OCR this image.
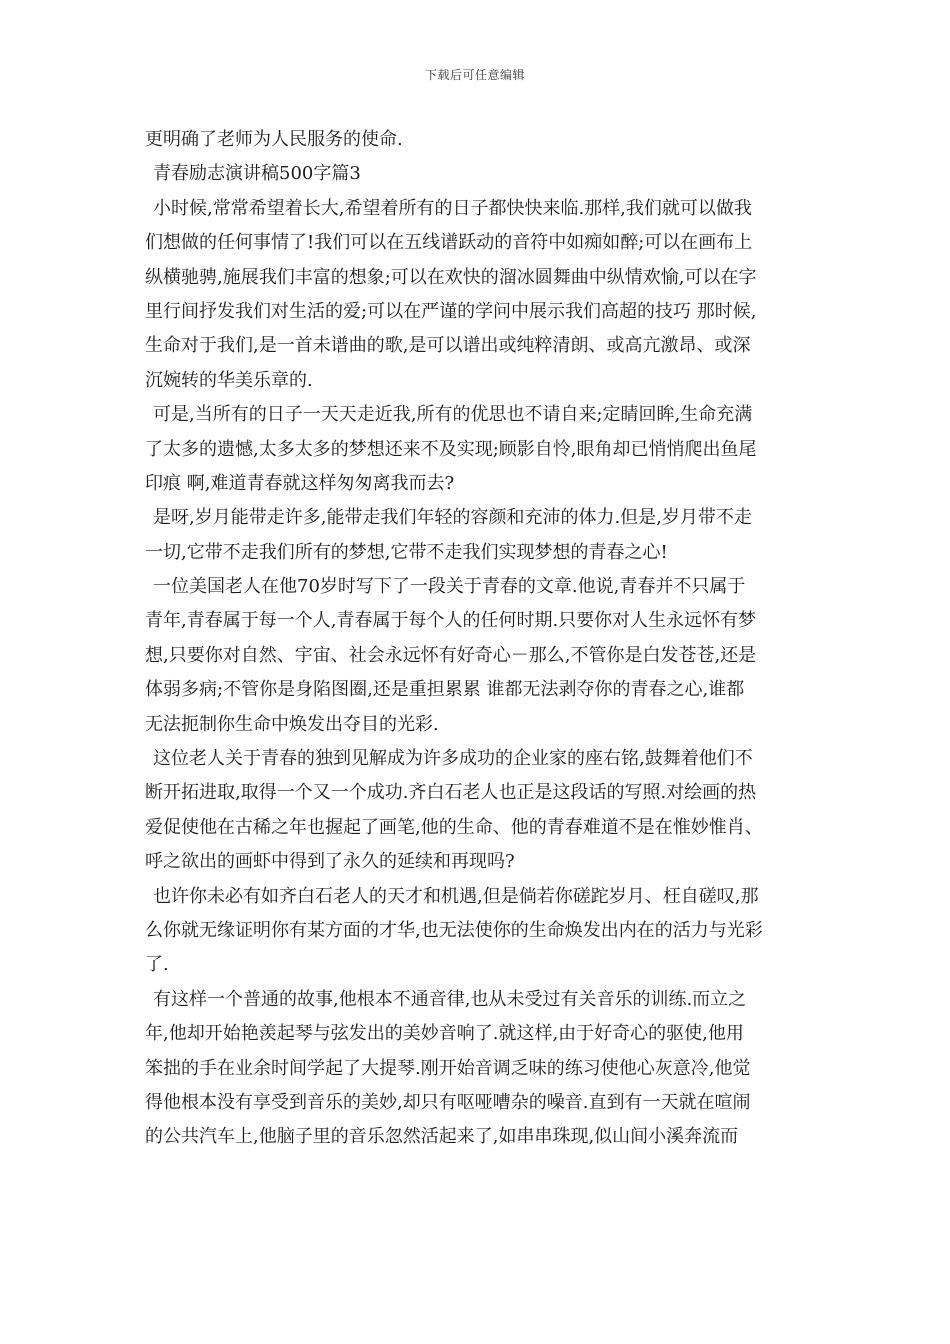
下载后可任意编辑
更明确了老师为人民服务的使命.
青春励志演讲稿500字篇3
小时候,常常希望着长大,希望着所有的日子都快快来临.那样,我们就可以做我
们想做的任何事情了!我们可以在五线谱跃动的音符中如痴如醉;可以在画布上
纵横驰骋,施展我们丰富的想象;可以在欢快的溜冰圆舞曲中纵情欢愉,可以在字
里行间抒发我们对生活的爱;可以在严谨的学问中展示我们高超的技巧 那时候,
生命对于我们,是一首未谱曲的歌,是可以谱出或纯粹清朗、或高亢激昂、或深
沉婉转的华美乐章的.
可是,当所有的日子一天天走近我,所有的优思也不请自来;定睛回眸,生命充满
了太多的遗憾,太多太多的梦想还来不及实现;顾影自怜,眼角却已悄悄爬出鱼尾
印痕 啊,难道青春就这样匆匆离我而去?
是呀,岁月能带走许多,能带走我们年轻的容颜和充沛的体力.但是,岁月带不走
一切,它带不走我们所有的梦想,它带不走我们实现梦想的青春之心!
一位美国老人在他70岁时写下了一段关于青春的文章.他说,青春并不只属于
青年,青春属于每一个人,青春属于每个人的任何时期.只要你对人生永远怀有梦
想,只要你对自然、宇宙、社会永远怀有好奇心－那么,不管你是白发苍苍,还是
体弱多病;不管你是身陷图圈,还是重担累累 谁都无法剥夺你的青春之心,谁都
无法扼制你生命中焕发出夺目的光彩.
这位老人关于青春的独到见解成为许多成功的企业家的座右铭,鼓舞着他们不
断开拓进取,取得一个又一个成功.齐白石老人也正是这段话的写照.对绘画的热
爱促使他在古稀之年也握起了画笔,他的生命、他的青春难道不是在惟妙惟肖、
呼之欲出的画虾中得到了永久的延续和再现吗?
也许你未必有如齐白石老人的天才和机遇,但是倘若你磋跎岁月、枉自磋叹,那
么你就无缘证明你有某方面的才华,也无法使你的生命焕发出内在的活力与光彩
了.
有这样一个普通的故事,他根本不通音律,也从未受过有关音乐的训练.而立之
年,他却开始艳羡起琴与弦发出的美妙音响了.就这样,由于好奇心的驱使,他用
笨拙的手在业余时间学起了大提琴.刚开始音调乏味的练习使他心灰意冷,他觉
得他根本没有享受到音乐的美妙,却只有呕哑嘈杂的噪音.直到有一天就在喧闹
的公共汽车上,他脑子里的音乐忽然活起来了,如串串珠现,似山间小溪奔流而
